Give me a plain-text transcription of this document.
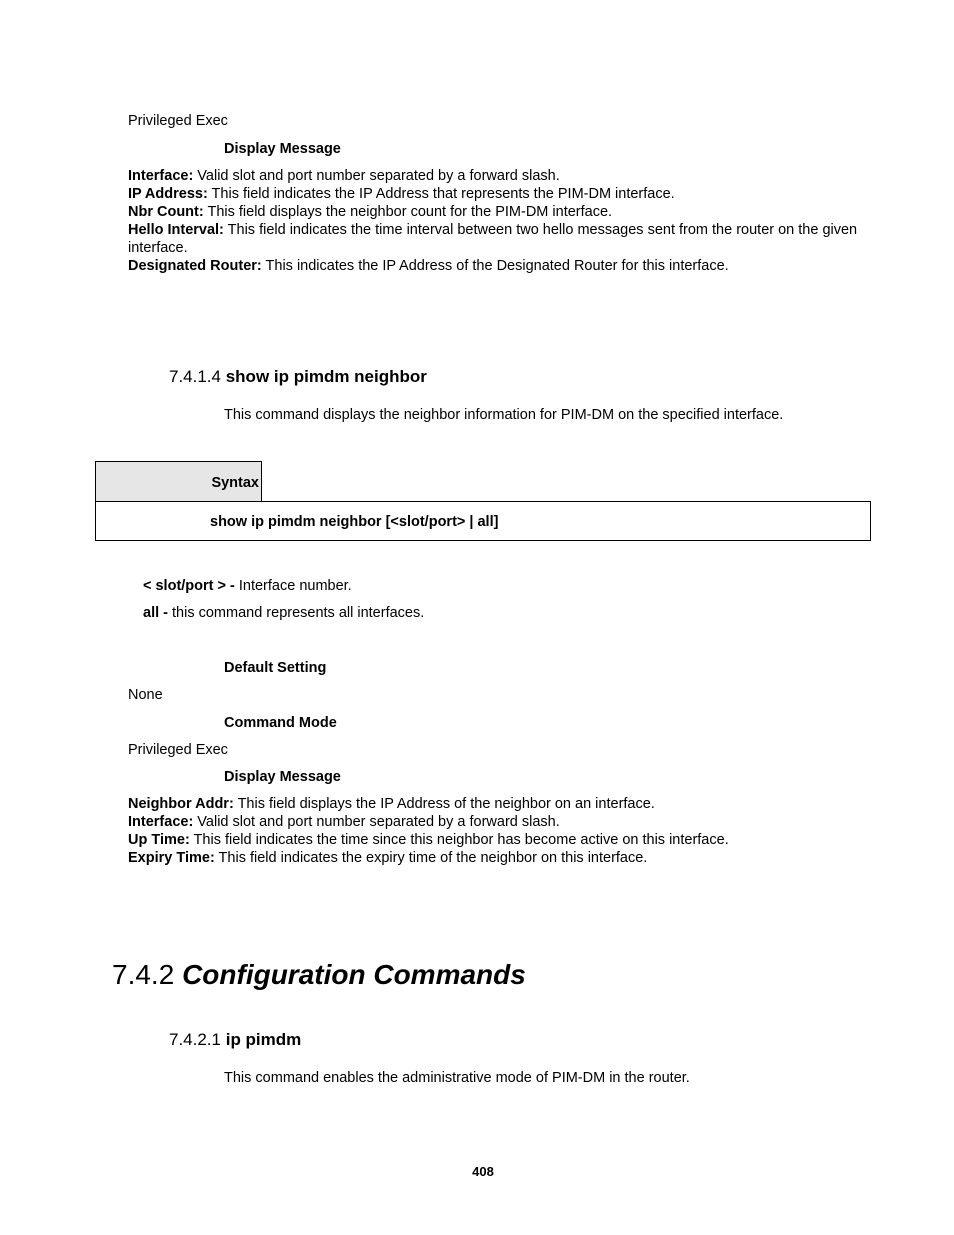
Privileged Exec
Display Message

Interface: Valid slot and port number separated by a forward slash.

IP Address: This field indicates the IP Address that represents the PIM-DM interface.

Nbr Count: This field displays the neighbor count for the PIM-DM interface.

Hello Interval: This field indicates the time interval between two hello messages sent from the router on the given interface.

Designated Router: This indicates the IP Address of the Designated Router for this interface.

7.4.1.4 show ip pimdm neighbor
This command displays the neighbor information for PIM-DM on the specified interface.
Syntax
show ip pimdm neighbor [<slot/port> | all]
< slot/port > - Interface number.
all - this command represents all interfaces.
Default Setting
None
Command Mode
Privileged Exec
Display Message

Neighbor Addr: This field displays the IP Address of the neighbor on an interface.

Interface: Valid slot and port number separated by a forward slash.

Up Time: This field indicates the time since this neighbor has become active on this interface.

Expiry Time: This field indicates the expiry time of the neighbor on this interface.

7.4.2 Configuration Commands
7.4.2.1 ip pimdm
This command enables the administrative mode of PIM-DM in the router.
408
